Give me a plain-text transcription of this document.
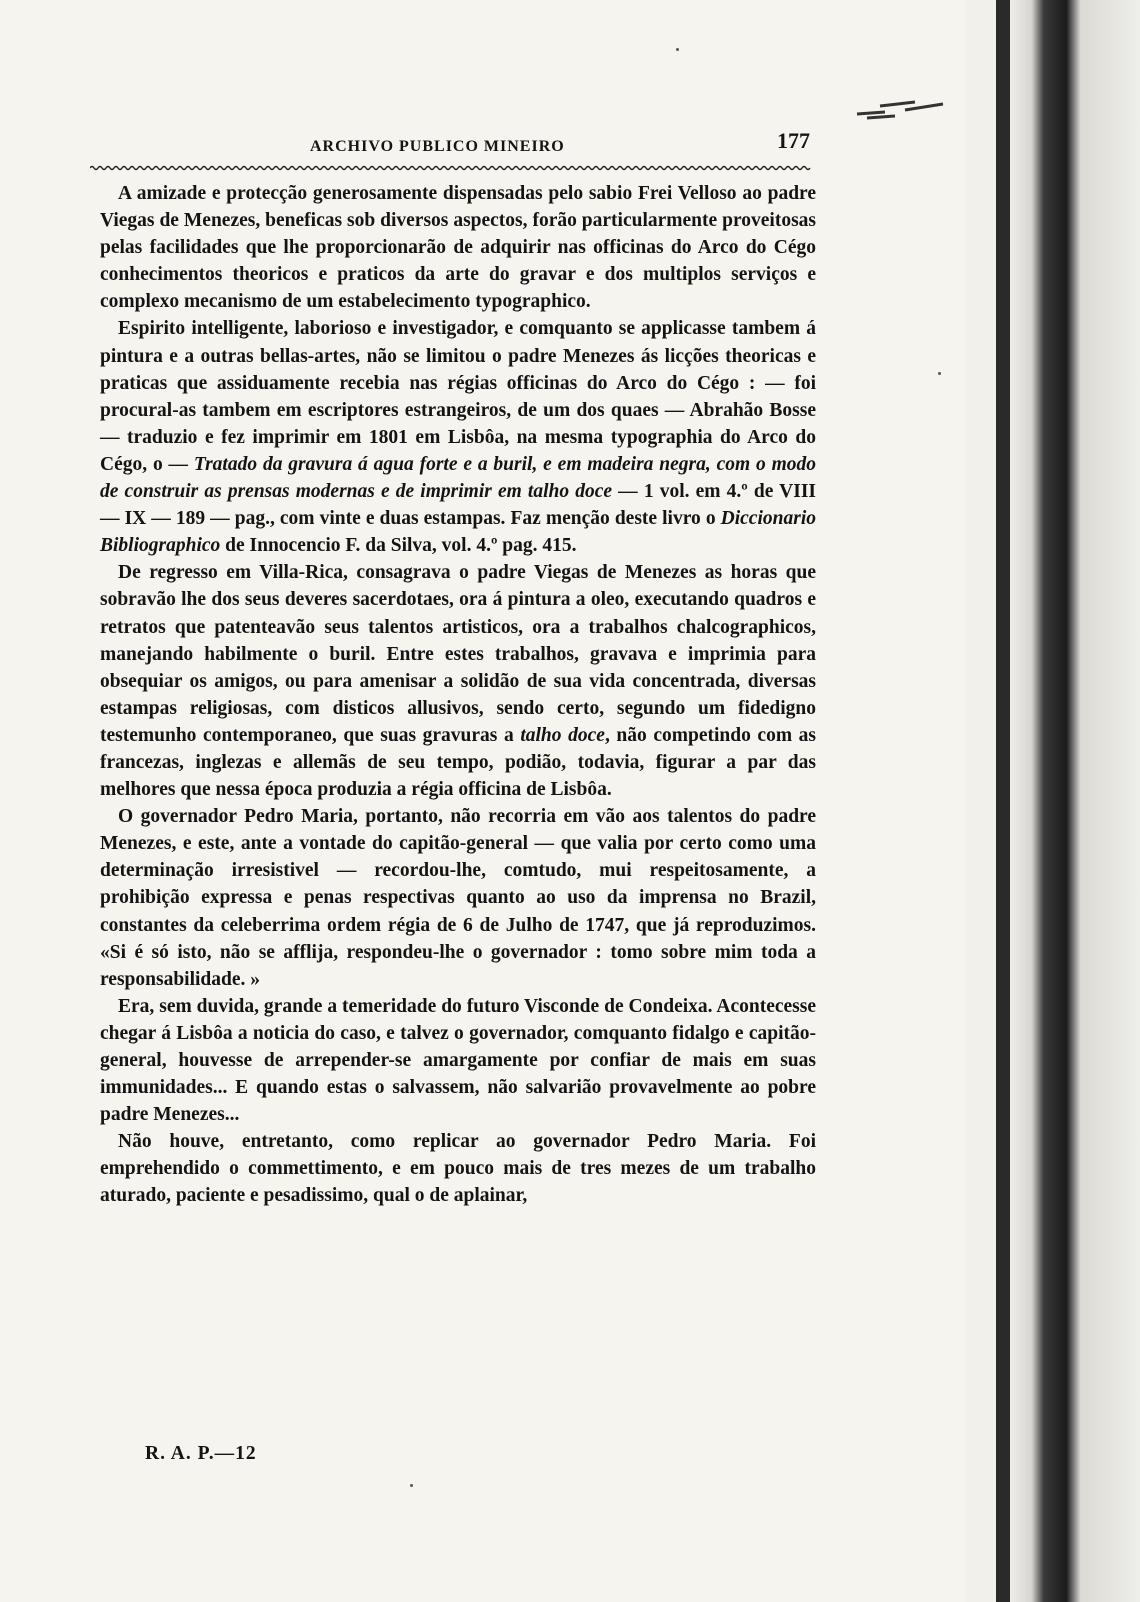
ARCHIVO PUBLICO MINEIRO	177

A amizade e protecção generosamente dispensadas pelo sabio Frei Velloso ao padre Viegas de Menezes, beneficas sob diversos aspectos, forão particularmente proveitosas pelas facilidades que lhe proporcionarão de adquirir nas officinas do Arco do Cégo conhecimentos theoricos e praticos da arte do gravar e dos multiplos serviços e complexo mecanismo de um estabelecimento typographico.

Espirito intelligente, laborioso e investigador, e comquanto se applicasse tambem á pintura e a outras bellas-artes, não se limitou o padre Menezes ás licções theoricas e praticas que assiduamente recebia nas régias officinas do Arco do Cégo : — foi procural-as tambem em escriptores estrangeiros, de um dos quaes — Abrahão Bosse — traduzio e fez imprimir em 1801 em Lisbôa, na mesma typographia do Arco do Cégo, o — Tratado da gravura á agua forte e a buril, e em madeira negra, com o modo de construir as prensas modernas e de imprimir em talho doce — 1 vol. em 4.º de VIII — IX — 189 — pag., com vinte e duas estampas. Faz menção deste livro o Diccionario Bibliographico de Innocencio F. da Silva, vol. 4.º pag. 415.

De regresso em Villa-Rica, consagrava o padre Viegas de Menezes as horas que sobravão lhe dos seus deveres sacerdotaes, ora á pintura a oleo, executando quadros e retratos que patenteavão seus talentos artisticos, ora a trabalhos chalcographicos, manejando habilmente o buril. Entre estes trabalhos, gravava e imprimia para obsequiar os amigos, ou para amenisar a solidão de sua vida concentrada, diversas estampas religiosas, com disticos allusivos, sendo certo, segundo um fidedigno testemunho contemporaneo, que suas gravuras a talho doce, não competindo com as francezas, inglezas e allemãs de seu tempo, podião, todavia, figurar a par das melhores que nessa época produzia a régia officina de Lisbôa.

O governador Pedro Maria, portanto, não recorria em vão aos talentos do padre Menezes, e este, ante a vontade do capitão-general — que valia por certo como uma determinação irresistivel — recordou-lhe, comtudo, mui respeitosamente, a prohibição expressa e penas respectivas quanto ao uso da imprensa no Brazil, constantes da celeberrima ordem régia de 6 de Julho de 1747, que já reproduzimos. «Si é só isto, não se afflija, respondeu-lhe o governador : tomo sobre mim toda a responsabilidade. »

Era, sem duvida, grande a temeridade do futuro Visconde de Condeixa. Acontecesse chegar á Lisbôa a noticia do caso, e talvez o governador, comquanto fidalgo e capitão-general, houvesse de arrepender-se amargamente por confiar de mais em suas immunidades... E quando estas o salvassem, não salvarião provavelmente ao pobre padre Menezes...

Não houve, entretanto, como replicar ao governador Pedro Maria. Foi emprehendido o commettimento, e em pouco mais de tres mezes de um trabalho aturado, paciente e pesadissimo, qual o de aplainar,

R. A. P.—12
